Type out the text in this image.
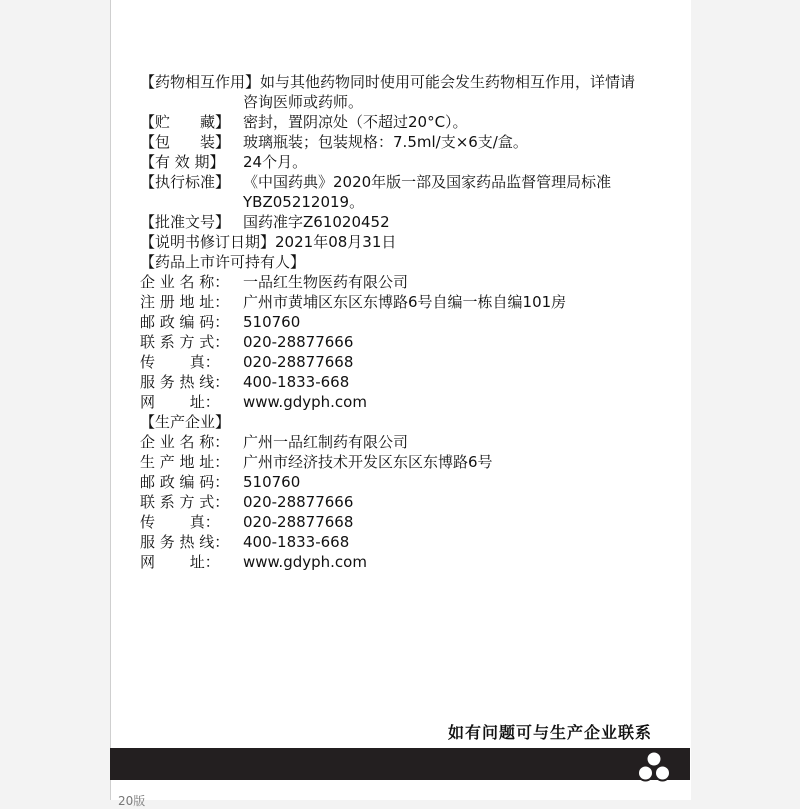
【药物相互作用】 如与其他药物同时使用可能会发生药物相互作用，详情请
咨询医师或药师。
【贮　　藏】 密封，置阴凉处（不超过20°C）。
【包　　装】 玻璃瓶装；包装规格：7.5ml/支×6支/盒。
【有 效 期】	24个月。
【执行标准】 《中国药典》2020年版一部及国家药品监督管理局标准
YBZ05212019。
【批准文号】 国药准字Z61020452
【说明书修订日期】 2021年08月31日
【药品上市许可持有人】
企 业 名 称： 一品红生物医药有限公司
注 册 地 址： 广州市黄埔区东区东博路6号自编一栋自编101房
邮 政 编 码： 510760
联 系 方 式： 020-28877666
传　　 真：	020-28877668
服 务 热 线： 400-1833-668
网　　 址：	www.gdyph.com
【生产企业】
企 业 名 称： 广州一品红制药有限公司
生 产 地 址： 广州市经济技术开发区东区东博路6号
邮 政 编 码： 510760
联 系 方 式： 020-28877666
传　　 真：	020-28877668
服 务 热 线： 400-1833-668
网　　 址：	www.gdyph.com
如有问题可与生产企业联系
20版
